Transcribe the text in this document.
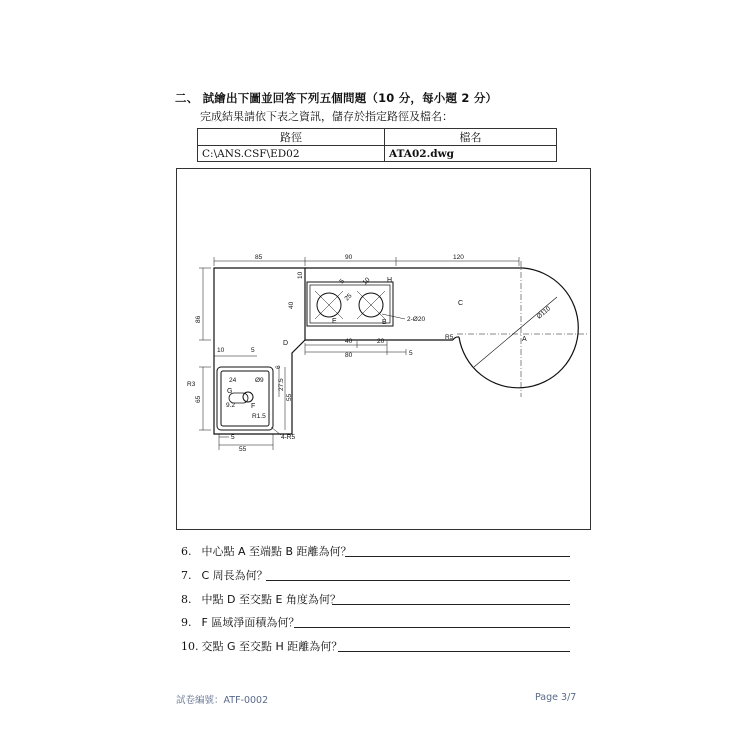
二、 試繪出下圖並回答下列五個問題（10 分，每小題 2 分）
完成結果請依下表之資訊，儲存於指定路徑及檔名：
路徑	檔名
C:\ANS.CSF\ED02	ATA02.dwg
85	90	120
86
65
10
40
40	20
80	5
10	5
5 10
25
R5
Ø110
2-Ø20
24	Ø9 27.5
55
6
R3
9.2
R1.5
5
55
4-R5
A
B
C
D
E
F
G
H
6. 中心點 A 至端點 B 距離為何？
7. C 周長為何？
8. 中點 D 至交點 E 角度為何？
9. F 區域淨面積為何？
10. 交點 G 至交點 H 距離為何？
試卷編號：ATF-0002	Page 3/7
